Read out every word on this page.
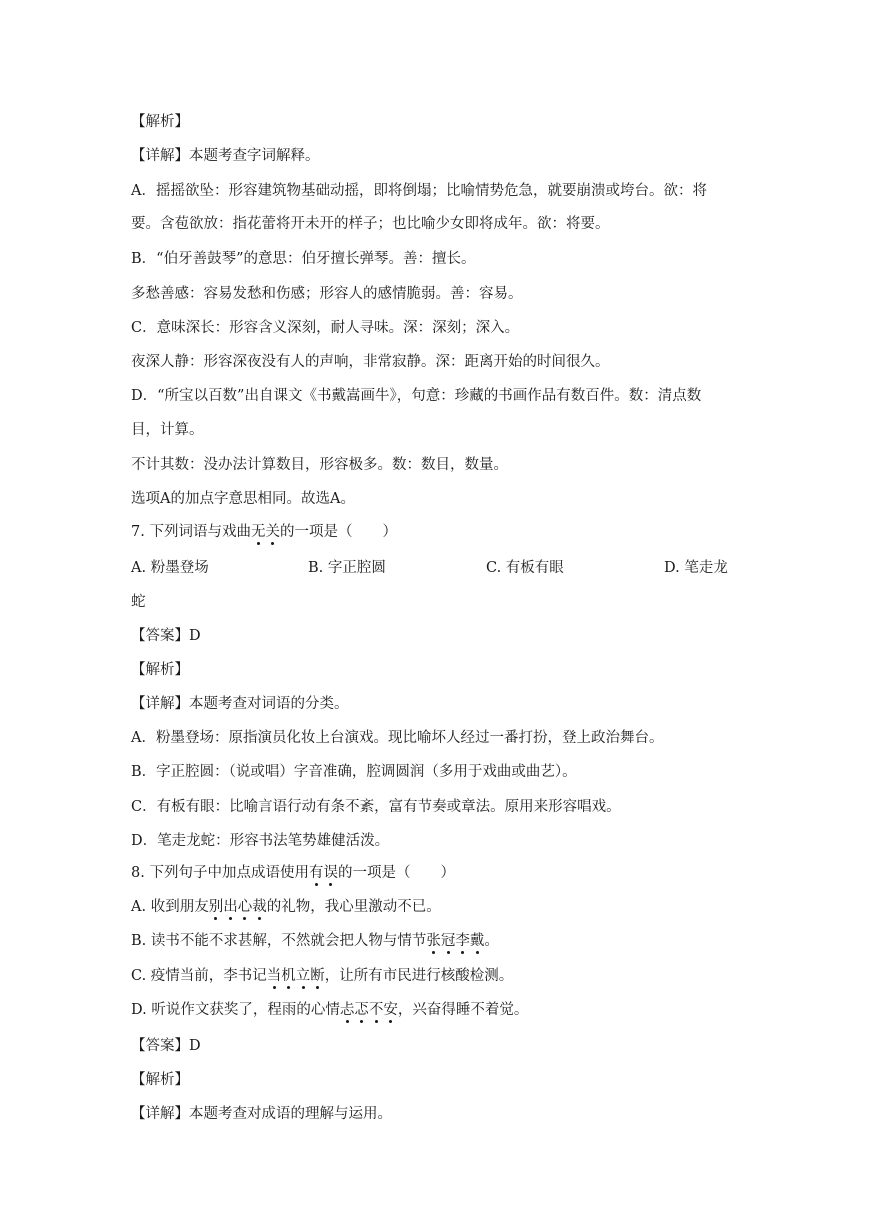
【解析】
【详解】本题考查字词解释。
A．摇摇欲坠：形容建筑物基础动摇，即将倒塌；比喻情势危急，就要崩溃或垮台。欲：将
要。含苞欲放：指花蕾将开未开的样子；也比喻少女即将成年。欲：将要。
B．“伯牙善鼓琴”的意思：伯牙擅长弹琴。善：擅长。
多愁善感：容易发愁和伤感；形容人的感情脆弱。善：容易。
C．意味深长：形容含义深刻，耐人寻味。深：深刻；深入。
夜深人静：形容深夜没有人的声响，非常寂静。深：距离开始的时间很久。
D．“所宝以百数”出自课文《书戴嵩画牛》，句意：珍藏的书画作品有数百件。数：清点数
目，计算。
不计其数：没办法计算数目，形容极多。数：数目，数量。
选项A的加点字意思相同。故选A。
7. 下列词语与戏曲无关的一项是（ ）
A. 粉墨登场	B. 字正腔圆	C. 有板有眼	D. 笔走龙
蛇
【答案】D
【解析】
【详解】本题考查对词语的分类。
A．粉墨登场：原指演员化妆上台演戏。现比喻坏人经过一番打扮，登上政治舞台。
B．字正腔圆：（说或唱）字音准确，腔调圆润（多用于戏曲或曲艺）。
C．有板有眼：比喻言语行动有条不紊，富有节奏或章法。原用来形容唱戏。
D．笔走龙蛇：形容书法笔势雄健活泼。
8. 下列句子中加点成语使用有误的一项是（ ）
A. 收到朋友别出心裁的礼物，我心里激动不已。
B. 读书不能不求甚解，不然就会把人物与情节张冠李戴。
C. 疫情当前，李书记当机立断，让所有市民进行核酸检测。
D. 听说作文获奖了，程雨的心情忐忑不安，兴奋得睡不着觉。
【答案】D
【解析】
【详解】本题考查对成语的理解与运用。
